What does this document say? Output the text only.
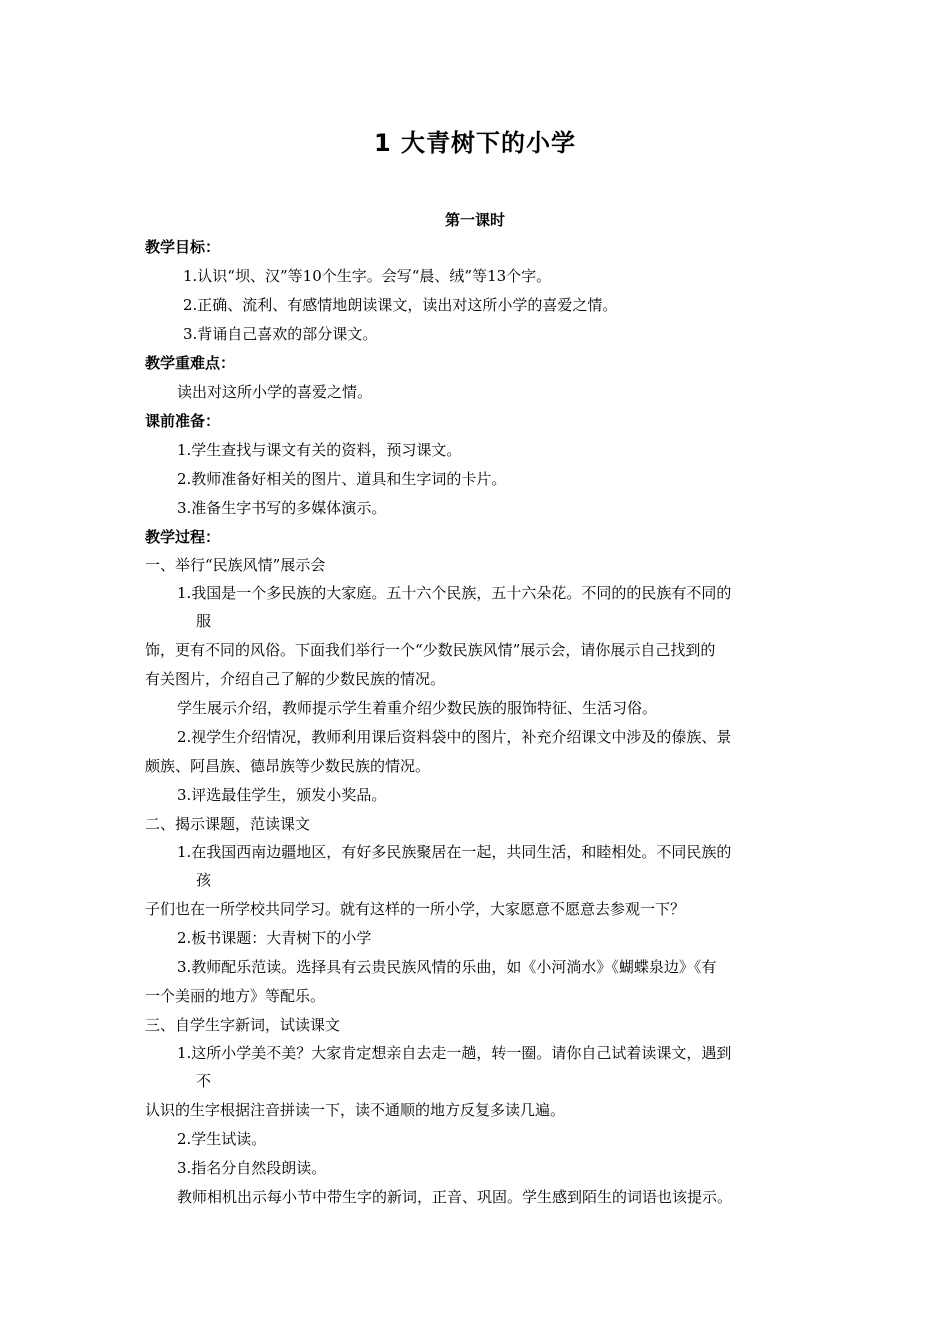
1 大青树下的小学
第一课时
教学目标：
1.认识“坝、汉”等10个生字。会写“晨、绒”等13个字。
2.正确、流利、有感情地朗读课文，读出对这所小学的喜爱之情。
3.背诵自己喜欢的部分课文。
教学重难点：
读出对这所小学的喜爱之情。
课前准备：
1.学生查找与课文有关的资料，预习课文。
2.教师准备好相关的图片、道具和生字词的卡片。
3.准备生字书写的多媒体演示。
教学过程：
一、举行“民族风情”展示会
1.我国是一个多民族的大家庭。五十六个民族，五十六朵花。不同的的民族有不同的
服
饰，更有不同的风俗。下面我们举行一个“少数民族风情”展示会，请你展示自己找到的
有关图片，介绍自己了解的少数民族的情况。
学生展示介绍，教师提示学生着重介绍少数民族的服饰特征、生活习俗。
2.视学生介绍情况，教师利用课后资料袋中的图片，补充介绍课文中涉及的傣族、景
颇族、阿昌族、德昂族等少数民族的情况。
3.评选最佳学生，颁发小奖品。
二、揭示课题，范读课文
1.在我国西南边疆地区，有好多民族聚居在一起，共同生活，和睦相处。不同民族的
孩
子们也在一所学校共同学习。就有这样的一所小学，大家愿意不愿意去参观一下？
2.板书课题：大青树下的小学
3.教师配乐范读。选择具有云贵民族风情的乐曲，如《小河淌水》《蝴蝶泉边》《有
一个美丽的地方》等配乐。
三、自学生字新词，试读课文
1.这所小学美不美？大家肯定想亲自去走一趟，转一圈。请你自己试着读课文，遇到
不
认识的生字根据注音拼读一下，读不通顺的地方反复多读几遍。
2.学生试读。
3.指名分自然段朗读。
教师相机出示每小节中带生字的新词，正音、巩固。学生感到陌生的词语也该提示。
